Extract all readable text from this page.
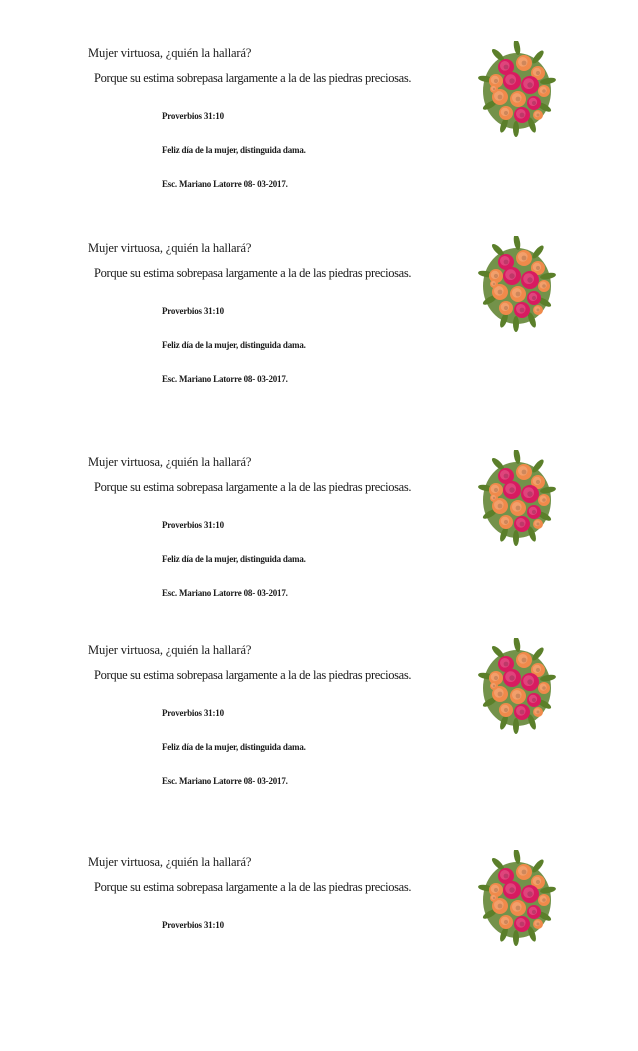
Mujer virtuosa, ¿quién la hallará?
Porque su estima sobrepasa largamente a la de las piedras preciosas.
Proverbios 31:10
Feliz día de la mujer, distinguida dama.
Esc. Mariano Latorre 08- 03-2017.
Mujer virtuosa, ¿quién la hallará?
Porque su estima sobrepasa largamente a la de las piedras preciosas.
Proverbios 31:10
Feliz día de la mujer, distinguida dama.
Esc. Mariano Latorre 08- 03-2017.
Mujer virtuosa, ¿quién la hallará?
Porque su estima sobrepasa largamente a la de las piedras preciosas.
Proverbios 31:10
Feliz día de la mujer, distinguida dama.
Esc. Mariano Latorre 08- 03-2017.
Mujer virtuosa, ¿quién la hallará?
Porque su estima sobrepasa largamente a la de las piedras preciosas.
Proverbios 31:10
Feliz día de la mujer, distinguida dama.
Esc. Mariano Latorre 08- 03-2017.
Mujer virtuosa, ¿quién la hallará?
Porque su estima sobrepasa largamente a la de las piedras preciosas.
Proverbios 31:10
